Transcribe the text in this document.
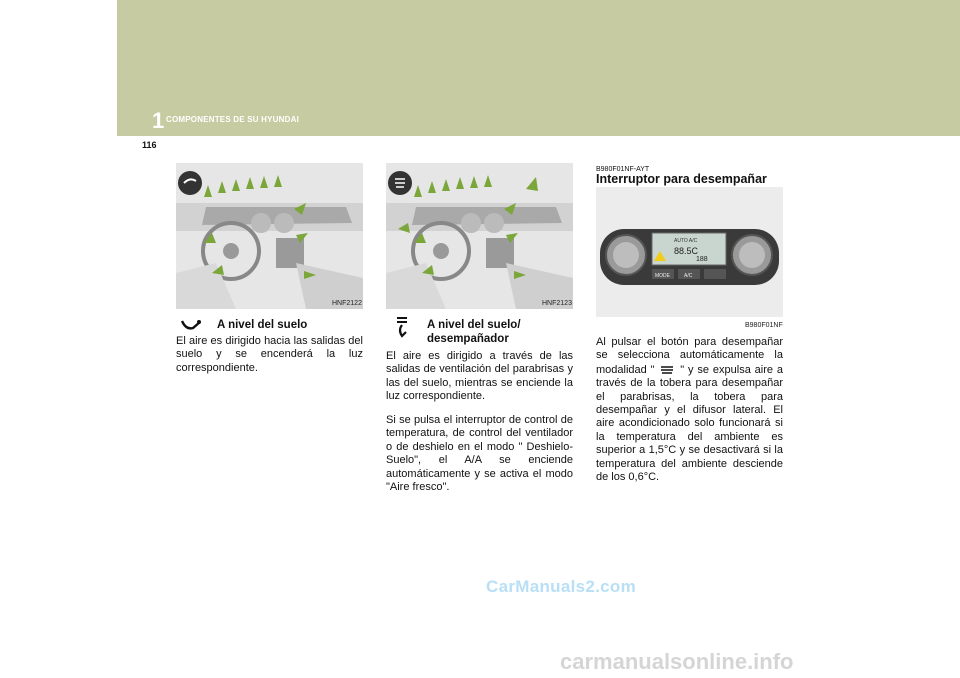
1 COMPONENTES DE SU HYUNDAI
116
HNF2122	HNF2123
AUTO A/C
88.5C
188
MODE	A/C
B980F01NF
A nivel del suelo
El aire es dirigido hacia las salidas del suelo y se encenderá la luz correspondiente.
A nivel del suelo/
desempañador
El aire es dirigido a través de las salidas de ventilación del parabrisas y las del suelo, mientras se enciende la luz correspondiente.
Si se pulsa el interruptor de control de temperatura, de control del ventilador o de deshielo en el modo " Deshielo-Suelo", el A/A se enciende automáticamente y se activa el modo "Aire fresco".
B980F01NF-AYT
Interruptor para desempañar
Al pulsar el botón para desempañar se selecciona automáticamente la modalidad " " y se expulsa aire a través de la tobera para desempañar el parabrisas, la tobera para desempañar y el difusor lateral. El aire acondicionado solo funcionará si la temperatura del ambiente es superior a 1,5°C y se desactivará si la temperatura del ambiente desciende de los 0,6°C.
CarManuals2.com
carmanualsonline.info
